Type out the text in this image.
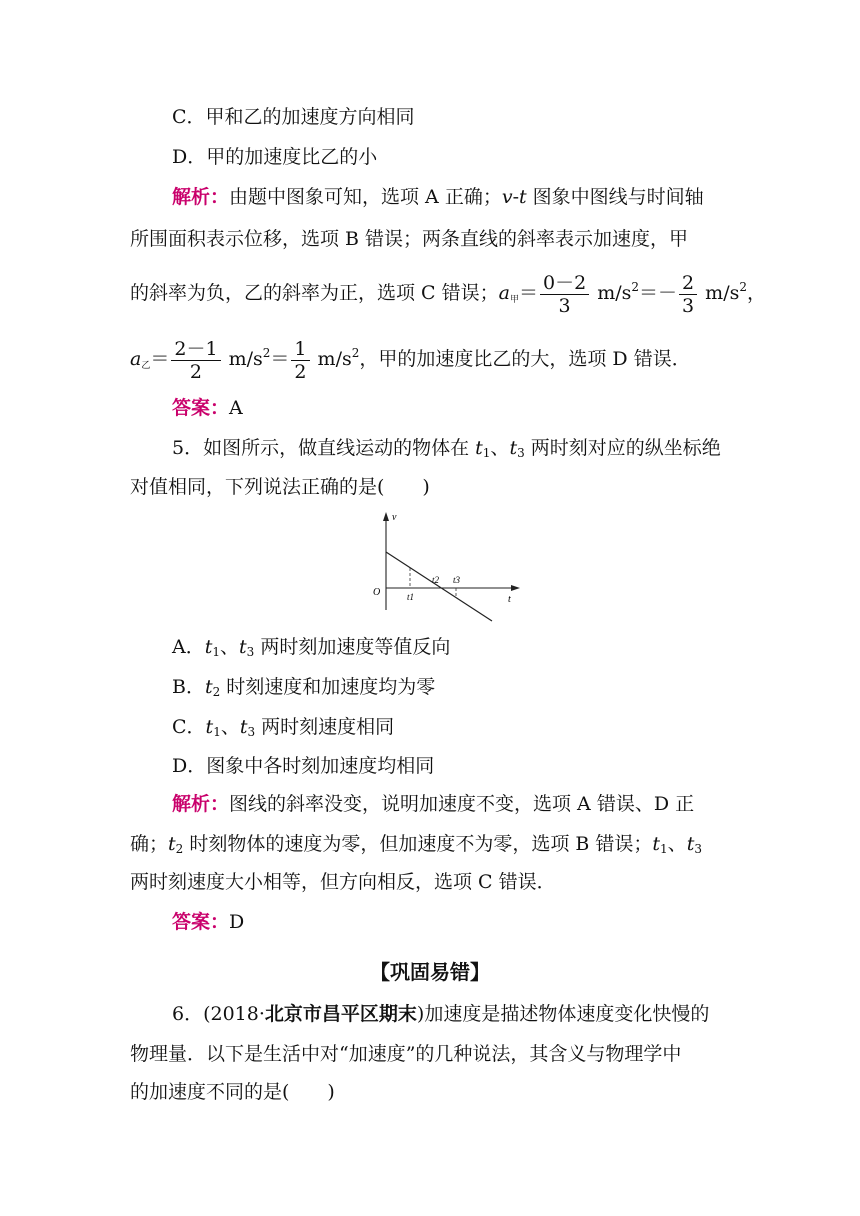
C．甲和乙的加速度方向相同
D．甲的加速度比乙的小
解析：由题中图象可知，选项 A 正确；v-t 图象中图线与时间轴
所围面积表示位移，选项 B 错误；两条直线的斜率表示加速度，甲
的斜率为负，乙的斜率为正，选项 C 错误；$a_甲= \frac{0-2}{3} m/s^2=- \frac{2}{3} m/s^2$，
$a_乙= \frac{2-1}{2} m/s^2= \frac{1}{2} m/s^2$，甲的加速度比乙的大，选项 D 错误．
答案：A
5．如图所示，做直线运动的物体在 $t_1$、$t_3$ 两时刻对应的纵坐标绝
对值相同，下列说法正确的是(　　)
v
t
O	t1
t2 t3
A．$t_1$、$t_3$ 两时刻加速度等值反向
B．$t_2$ 时刻速度和加速度均为零
C．$t_1$、$t_3$ 两时刻速度相同
D．图象中各时刻加速度均相同
解析：图线的斜率没变，说明加速度不变，选项 A 错误、D 正
确；$t_2$ 时刻物体的速度为零，但加速度不为零，选项 B 错误；$t_1$、$t_3$
两时刻速度大小相等，但方向相反，选项 C 错误．
答案：D
【巩固易错】
6．(2018·北京市昌平区期末)加速度是描述物体速度变化快慢的
物理量．以下是生活中对“加速度”的几种说法，其含义与物理学中
的加速度不同的是(　　)
